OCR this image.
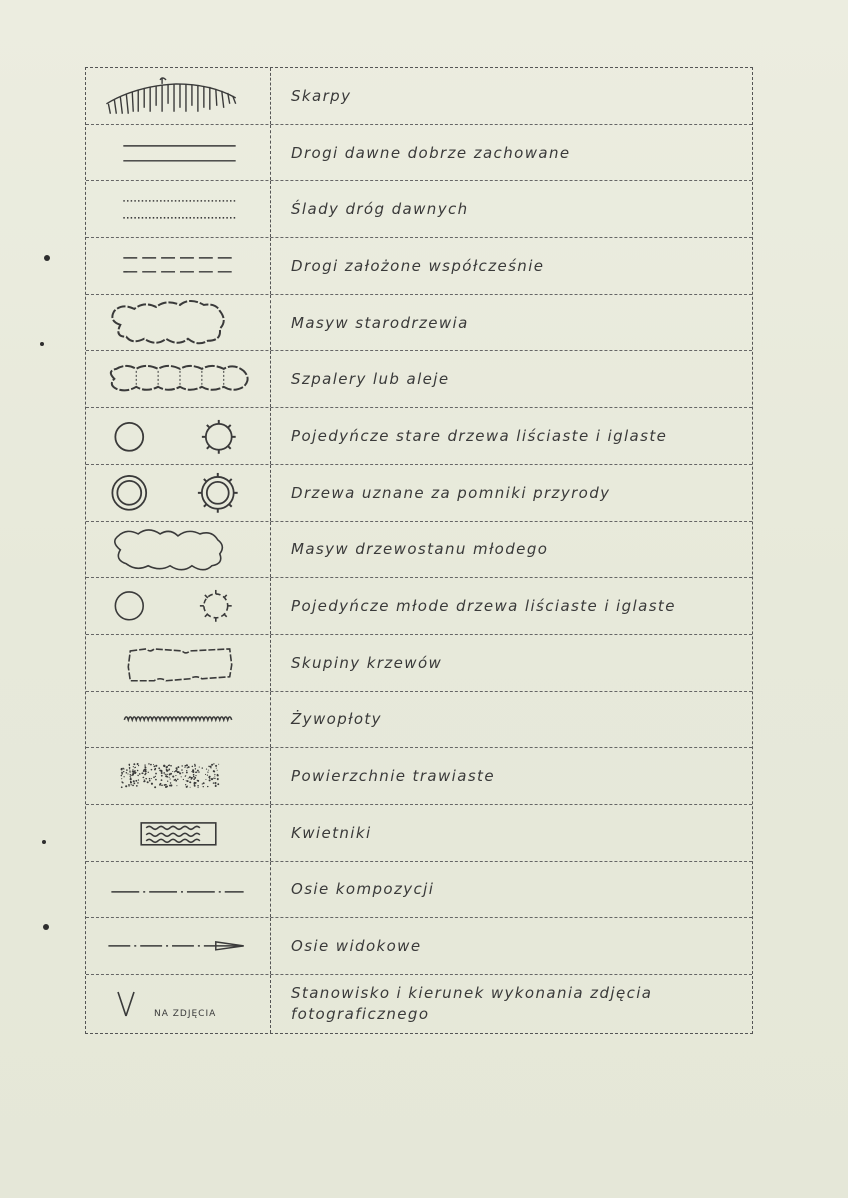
Skarpy
Drogi dawne dobrze zachowane
Ślady dróg dawnych
Drogi założone współcześnie
Masyw starodrzewia
Szpalery lub aleje
Pojedyńcze stare drzewa liściaste i iglaste
Drzewa uznane za pomniki przyrody
Masyw drzewostanu młodego
Pojedyńcze młode drzewa liściaste i iglaste
Skupiny krzewów
Żywopłoty
Powierzchnie trawiaste
Kwietniki
Osie kompozycji
Osie widokowe
NA ZDJĘCIA
Stanowisko i kierunek wykonania zdjęcia fotograficznego
